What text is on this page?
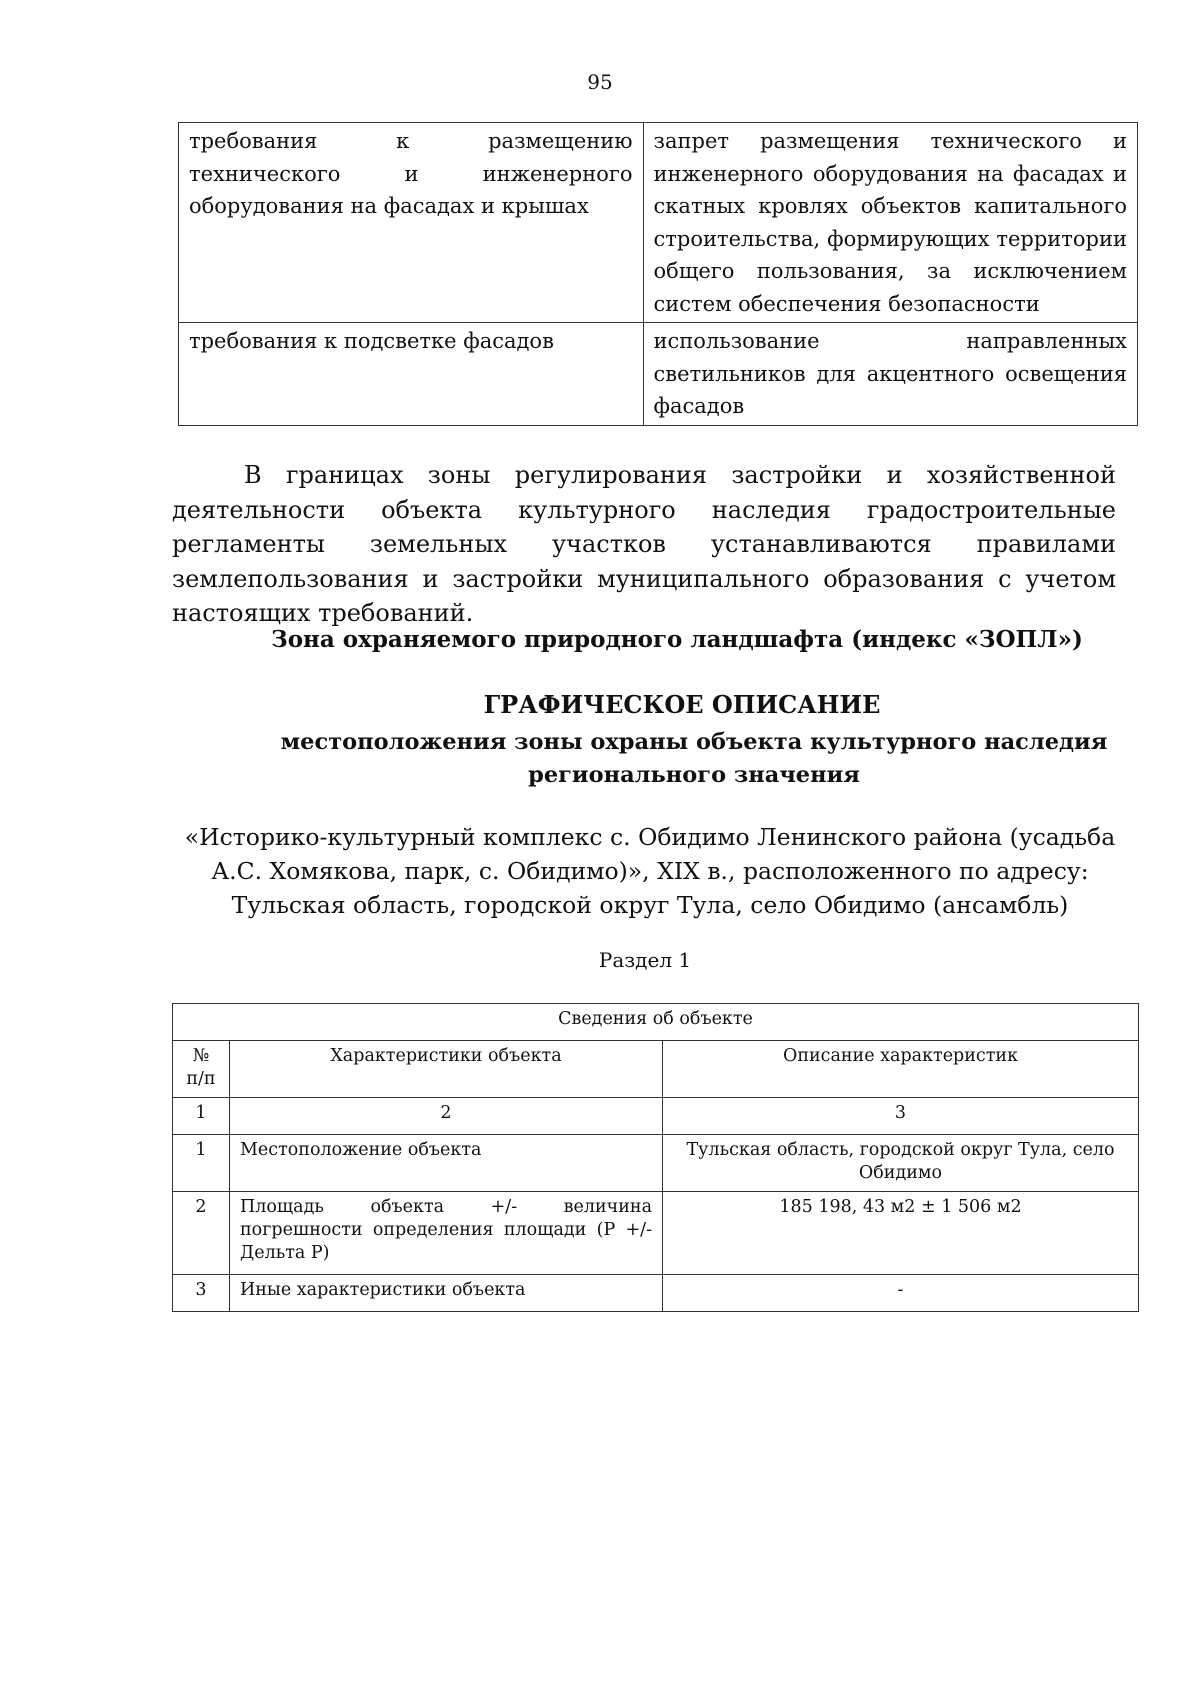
95
требования к размещению технического и инженерного оборудования на фасадах и крышах	запрет размещения технического и инженерного оборудования на фасадах и скатных кровлях объектов капитального строительства, формирующих территории общего пользования, за исключением систем обеспечения безопасности
требования к подсветке фасадов	использование направленных светильников для акцентного освещения фасадов

В границах зоны регулирования застройки и хозяйственной деятельности объекта культурного наследия градостроительные регламенты земельных участков устанавливаются правилами землепользования и застройки муниципального образования с учетом настоящих требований.

Зона охраняемого природного ландшафта (индекс «ЗОПЛ»)

ГРАФИЧЕСКОЕ ОПИСАНИЕ

местоположения зоны охраны объекта культурного наследия регионального значения

«Историко-культурный комплекс с. Обидимо Ленинского района (усадьба А.С. Хомякова, парк, с. Обидимо)», XIX в., расположенного по адресу: Тульская область, городской округ Тула, село Обидимо (ансамбль)

Раздел 1

Сведения об объекте		
№ п/п	Характеристики объекта	Описание характеристик
1	2	3
1	Местоположение объекта	Тульская область, городской округ Тула, село Обидимо
2	Площадь объекта +/- величина погрешности определения площади (Р +/- Дельта Р)	185 198, 43 м2 ± 1 506 м2
3	Иные характеристики объекта	-
